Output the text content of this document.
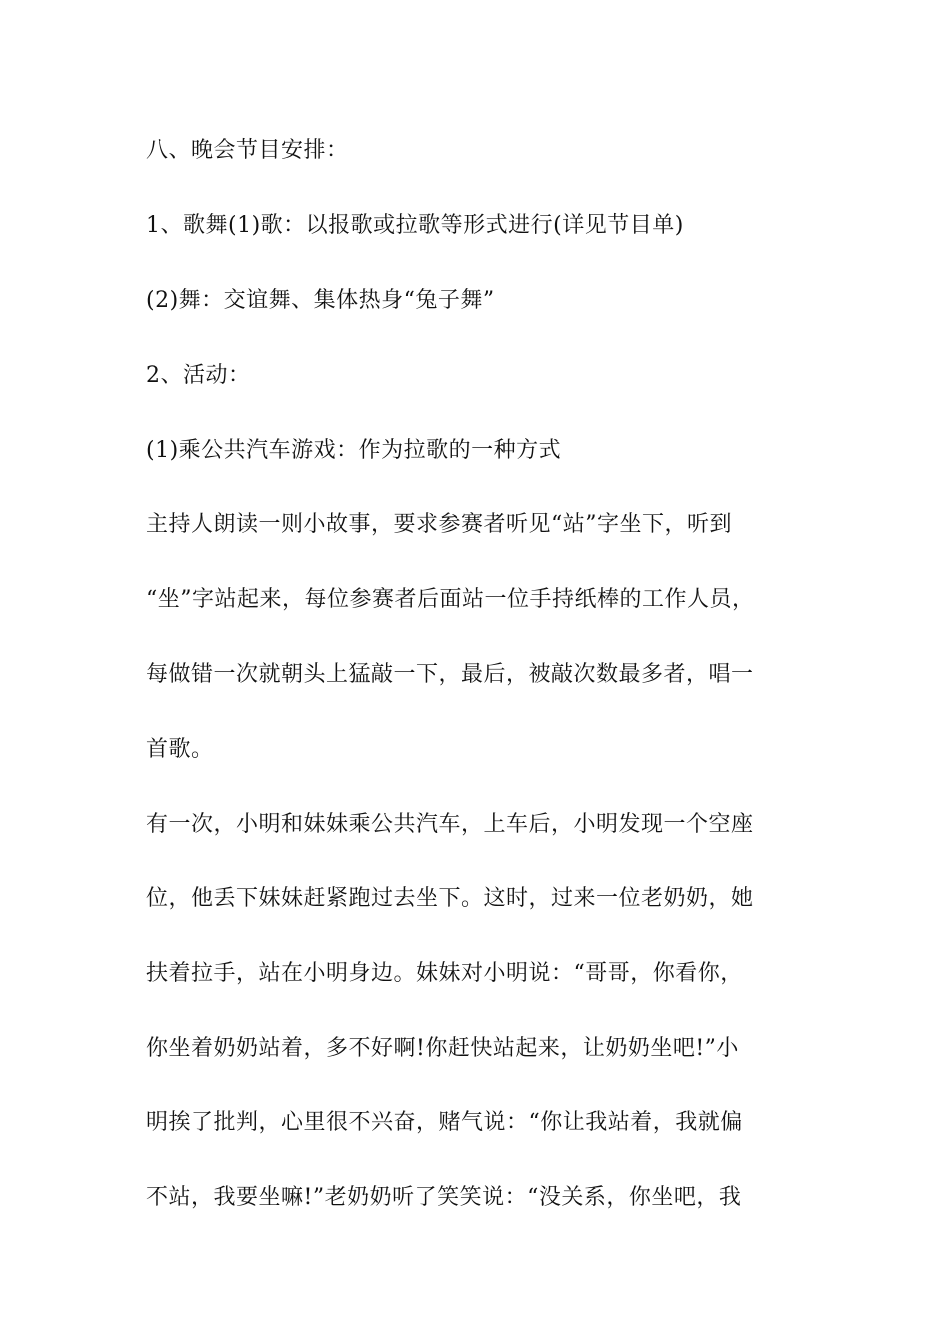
八、晚会节目安排：
1、歌舞(1)歌：以报歌或拉歌等形式进行(详见节目单)
(2)舞：交谊舞、集体热身“兔子舞”
2、活动：
(1)乘公共汽车游戏：作为拉歌的一种方式
主持人朗读一则小故事，要求参赛者听见“站”字坐下，听到
“坐”字站起来，每位参赛者后面站一位手持纸棒的工作人员，
每做错一次就朝头上猛敲一下，最后，被敲次数最多者，唱一
首歌。
有一次，小明和妹妹乘公共汽车，上车后，小明发现一个空座
位，他丢下妹妹赶紧跑过去坐下。这时，过来一位老奶奶，她
扶着拉手，站在小明身边。妹妹对小明说：“哥哥，你看你，
你坐着奶奶站着，多不好啊!你赶快站起来，让奶奶坐吧!”小
明挨了批判，心里很不兴奋，赌气说：“你让我站着，我就偏
不站，我要坐嘛!”老奶奶听了笑笑说：“没关系，你坐吧，我
